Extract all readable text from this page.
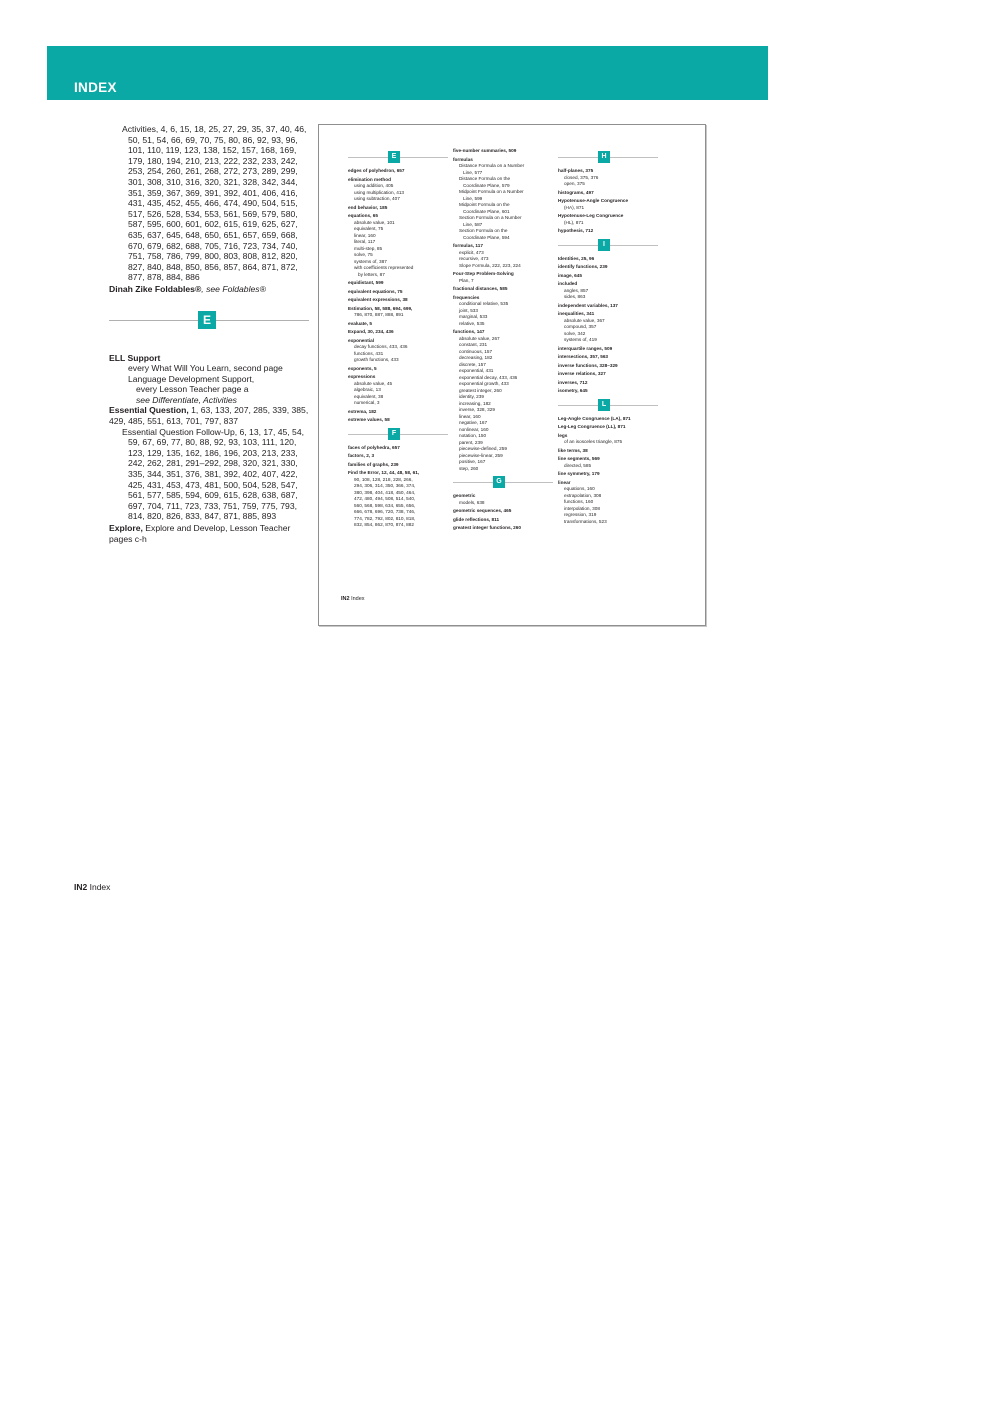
INDEX

Activities, 4, 6, 15, 18, 25, 27, 29, 35, 37, 40, 46, 50, 51, 54, 66, 69, 70, 75, 80, 86, 92, 93, 96, 101, 110, 119, 123, 138, 152, 157, 168, 169, 179, 180, 194, 210, 213, 222, 232, 233, 242, 253, 254, 260, 261, 268, 272, 273, 289, 299, 301, 308, 310, 316, 320, 321, 328, 342, 344, 351, 359, 367, 369, 391, 392, 401, 406, 416, 431, 435, 452, 455, 466, 474, 490, 504, 515, 517, 526, 528, 534, 553, 561, 569, 579, 580, 587, 595, 600, 601, 602, 615, 619, 625, 627, 635, 637, 645, 648, 650, 651, 657, 659, 668, 670, 679, 682, 688, 705, 716, 723, 734, 740, 751, 758, 786, 799, 800, 803, 808, 812, 820, 827, 840, 848, 850, 856, 857, 864, 871, 872, 877, 878, 884, 886

Dinah Zike Foldables®, see Foldables®

E

ELL Support

every What Will You Learn, second page

Language Development Support,

every Lesson Teacher page a

see Differentiate, Activities

Essential Question, 1, 63, 133, 207, 285, 339, 385, 429, 485, 551, 613, 701, 797, 837

Essential Question Follow-Up, 6, 13, 17, 45, 54, 59, 67, 69, 77, 80, 88, 92, 93, 103, 111, 120, 123, 129, 135, 162, 186, 196, 203, 213, 233, 242, 262, 281, 291–292, 298, 320, 321, 330, 335, 344, 351, 376, 381, 392, 402, 407, 422, 425, 431, 453, 473, 481, 500, 504, 528, 547, 561, 577, 585, 594, 609, 615, 628, 638, 687, 697, 704, 711, 723, 733, 751, 759, 775, 793, 814, 820, 826, 833, 847, 871, 885, 893

Explore, Explore and Develop, Lesson Teacher pages c-h

IN2 Index
E
edges of polyhedron, 657
elimination method
using addition, 405
using multiplication, 413
using subtraction, 407
end behavior, 185
equations, 65
absolute value, 101
equivalent, 75
linear, 160
literal, 117
multi-step, 85
solve, 75
systems of, 387
with coefficients represented
by letters, 87
equidistant, 599
equivalent equations, 75
equivalent expressions, 38
Estimation, 58, 588, 694, 699,
786, 870, 887, 888, 891
evaluate, 5
Expand, 30, 234, 436
exponential
decay functions, 433, 436
functions, 431
growth functions, 433
exponents, 5
expressions
absolute value, 45
algebraic, 13
equivalent, 38
numerical, 3
extrema, 182
extreme values, 58
F
faces of polyhedra, 657
factors, 2, 3
families of graphs, 239
Find the Error, 12, 44, 48, 58, 61,
90, 108, 128, 218, 228, 266,
294, 306, 314, 350, 366, 374,
380, 398, 404, 418, 450, 464,
472, 480, 494, 508, 514, 540,
560, 568, 598, 634, 655, 656,
666, 678, 696, 720, 738, 746,
774, 782, 792, 802, 810, 818,
832, 854, 862, 870, 874, 882
five-number summaries, 509
formulas
Distance Formula on a Number
Line, 577
Distance Formula on the
Coordinate Plane, 579
Midpoint Formula on a Number
Line, 599
Midpoint Formula on the
Coordinate Plane, 601
Section Formula on a Number
Line, 587
Section Formula on the
Coordinate Plane, 594
formulas, 117
explicit, 473
recursive, 473
Slope Formula, 222, 223, 224
Four-Step Problem-Solving
Plan, 7
fractional distances, 585
frequencies
conditional relative, 535
joint, 533
marginal, 533
relative, 535
functions, 147
absolute value, 267
constant, 231
continuous, 157
decreasing, 182
discrete, 157
exponential, 431
exponential decay, 433, 436
exponential growth, 433
greatest integer, 260
identity, 239
increasing, 182
inverse, 328, 329
linear, 160
negative, 167
nonlinear, 160
notation, 150
parent, 239
piecewise-defined, 259
piecewise-linear, 259
positive, 167
step, 260
G
geometric
models, 638
geometric sequences, 465
glide reflections, 811
greatest integer functions, 260
H
half-planes, 375
closed, 375, 376
open, 375
histograms, 497
Hypotenuse-Angle Congruence
(HA), 871
Hypotenuse-Leg Congruence
(HL), 871
hypothesis, 712
I
Identities, 25, 96
identify functions, 239
image, 645
included
angles, 857
sides, 863
independent variables, 137
inequalities, 341
absolute value, 367
compound, 357
solve, 342
systems of, 419
interquartile ranges, 509
intersections, 357, 563
inverse functions, 328–329
inverse relations, 327
inverses, 712
isometry, 645
L
Leg-Angle Congruence (LA), 871
Leg-Leg Congruence (LL), 871
legs
of an isosceles triangle, 875
like terms, 38
line segments, 569
directed, 585
line symmetry, 179
linear
equations, 160
extrapolation, 308
functions, 160
interpolation, 308
regression, 319
transformations, 523
IN2 Index
